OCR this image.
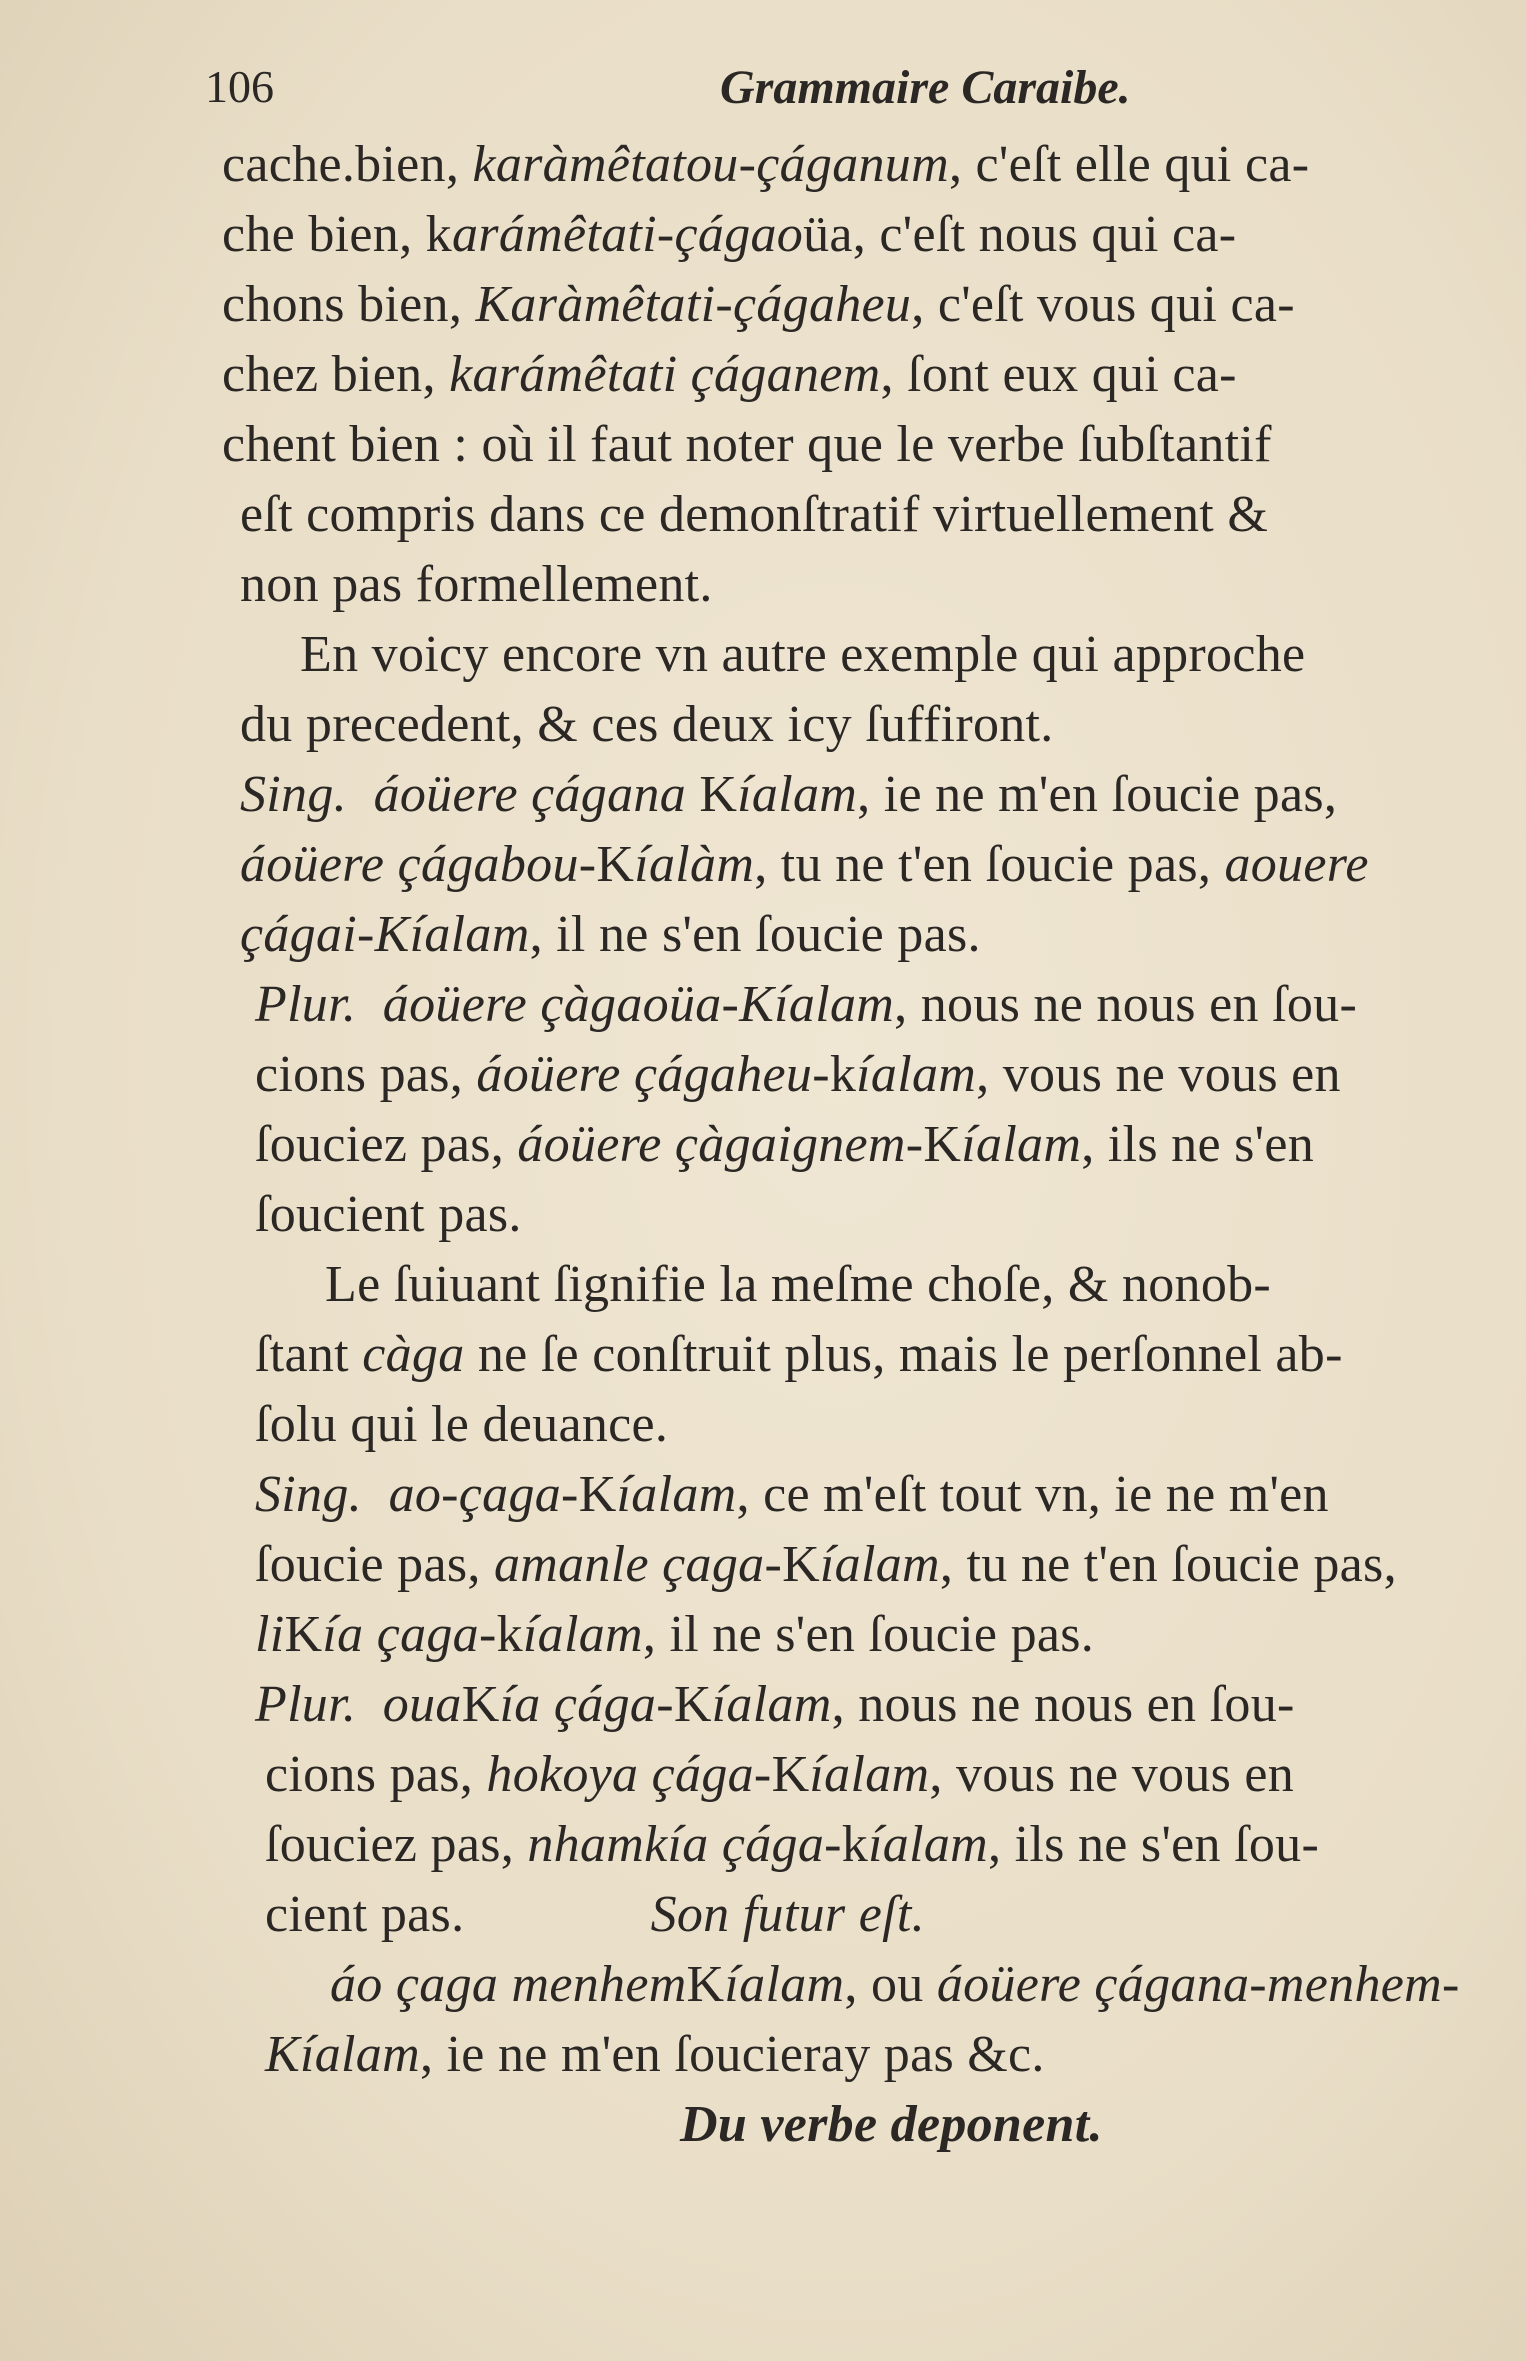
106	Grammaire Caraibe.
cache.bien, karàmêtatou-çáganum, c'eſt elle qui ca-
che bien, karámêtati-çágaoüa, c'eſt nous qui ca-
chons bien, Karàmêtati-çágaheu, c'eſt vous qui ca-
chez bien, karámêtati çáganem, ſont eux qui ca-
chent bien : où il faut noter que le verbe ſubſtantif
eſt compris dans ce demonſtratif virtuellement &
non pas formellement.
En voicy encore vn autre exemple qui approche
du precedent, & ces deux icy ſuffiront.
Sing. áoüere çágana Kíalam, ie ne m'en ſoucie pas,
áoüere çágabou-Kíalàm, tu ne t'en ſoucie pas, aouere
çágai-Kíalam, il ne s'en ſoucie pas.
Plur. áoüere çàgaoüa-Kíalam, nous ne nous en ſou-
cions pas, áoüere çágaheu-kíalam, vous ne vous en
ſouciez pas, áoüere çàgaignem-Kíalam, ils ne s'en
ſoucient pas.
Le ſuiuant ſignifie la meſme choſe, & nonob-
ſtant càga ne ſe conſtruit plus, mais le perſonnel ab-
ſolu qui le deuance.
Sing. ao-çaga-Kíalam, ce m'eſt tout vn, ie ne m'en
ſoucie pas, amanle çaga-Kíalam, tu ne t'en ſoucie pas,
liKía çaga-kíalam, il ne s'en ſoucie pas.
Plur. ouaKía çága-Kíalam, nous ne nous en ſou-
cions pas, hokoya çága-Kíalam, vous ne vous en
ſouciez pas, nhamkía çága-kíalam, ils ne s'en ſou-
cient pas.	Son futur eſt.
áo çaga menhemKíalam, ou áoüere çágana-menhem-
Kíalam, ie ne m'en ſoucieray pas &c.
Du verbe deponent.
